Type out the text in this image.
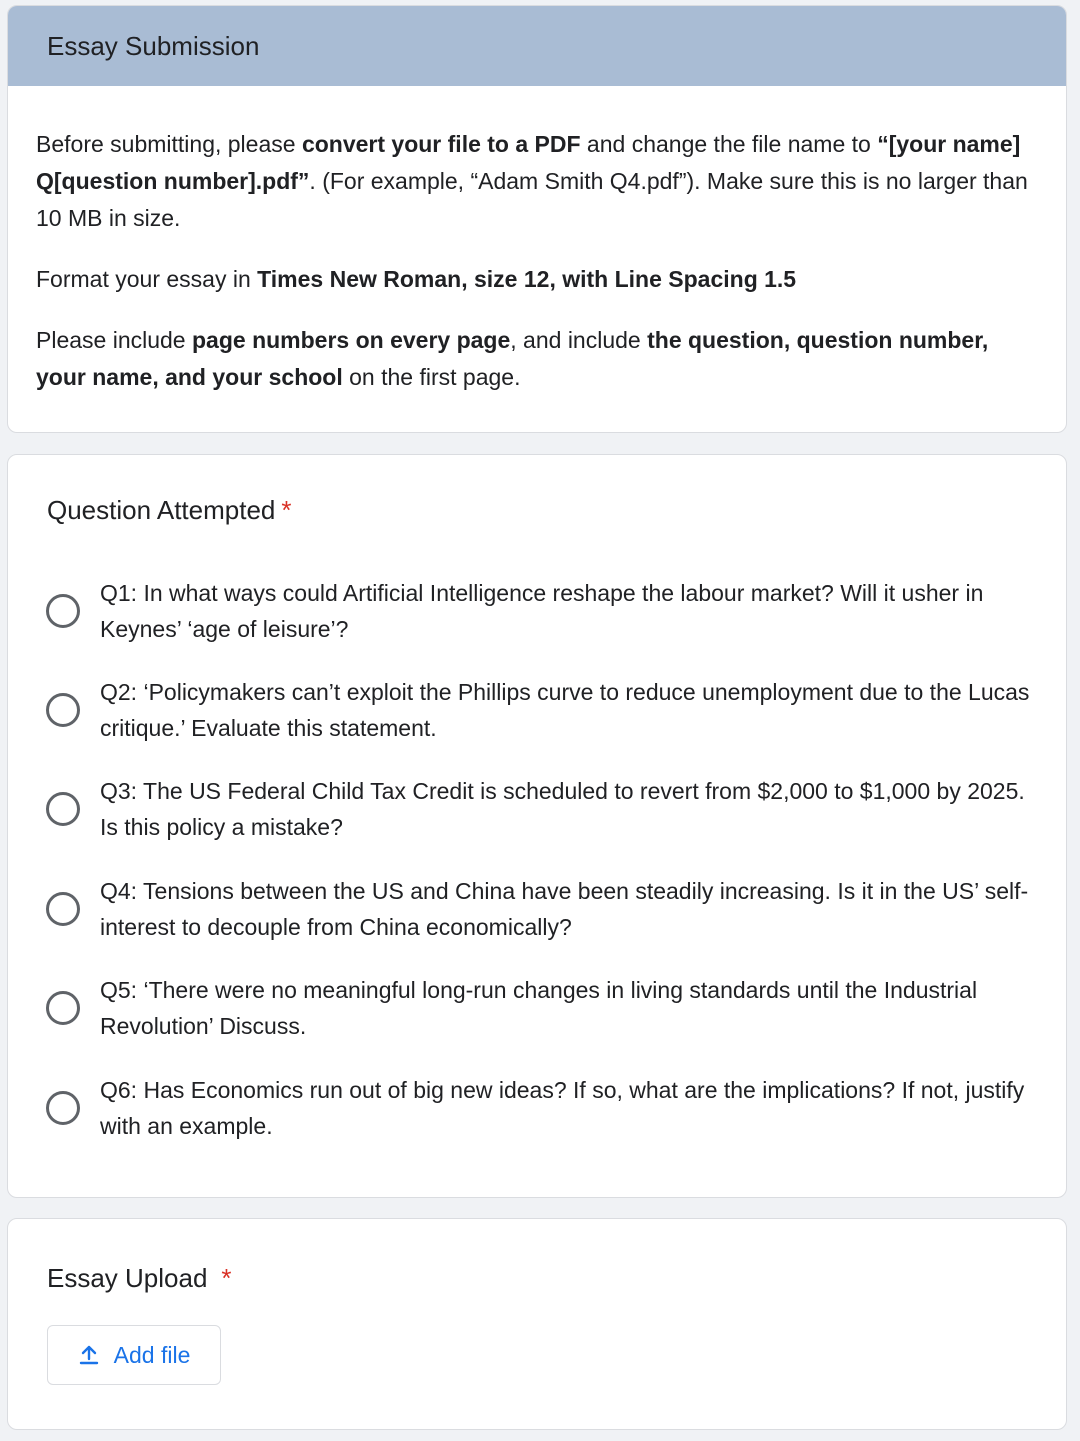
Essay Submission

Before submitting, please convert your file to a PDF and change the file name to “[your name] Q[question number].pdf”. (For example, “Adam Smith Q4.pdf”). Make sure this is no larger than 10 MB in size.

Format your essay in Times New Roman, size 12, with Line Spacing 1.5

Please include page numbers on every page, and include the question, question number, your name, and your school on the first page.

Question Attempted *
Q1: In what ways could Artificial Intelligence reshape the labour market? Will it usher in Keynes’ ‘age of leisure’?
Q2: ‘Policymakers can’t exploit the Phillips curve to reduce unemployment due to the Lucas critique.’ Evaluate this statement.
Q3: The US Federal Child Tax Credit is scheduled to revert from $2,000 to $1,000 by 2025. Is this policy a mistake?
Q4: Tensions between the US and China have been steadily increasing. Is it in the US’ self-interest to decouple from China economically?
Q5: ‘There were no meaningful long-run changes in living standards until the Industrial Revolution’ Discuss.
Q6: Has Economics run out of big new ideas? If so, what are the implications? If not, justify with an example.
Essay Upload *
Add file
